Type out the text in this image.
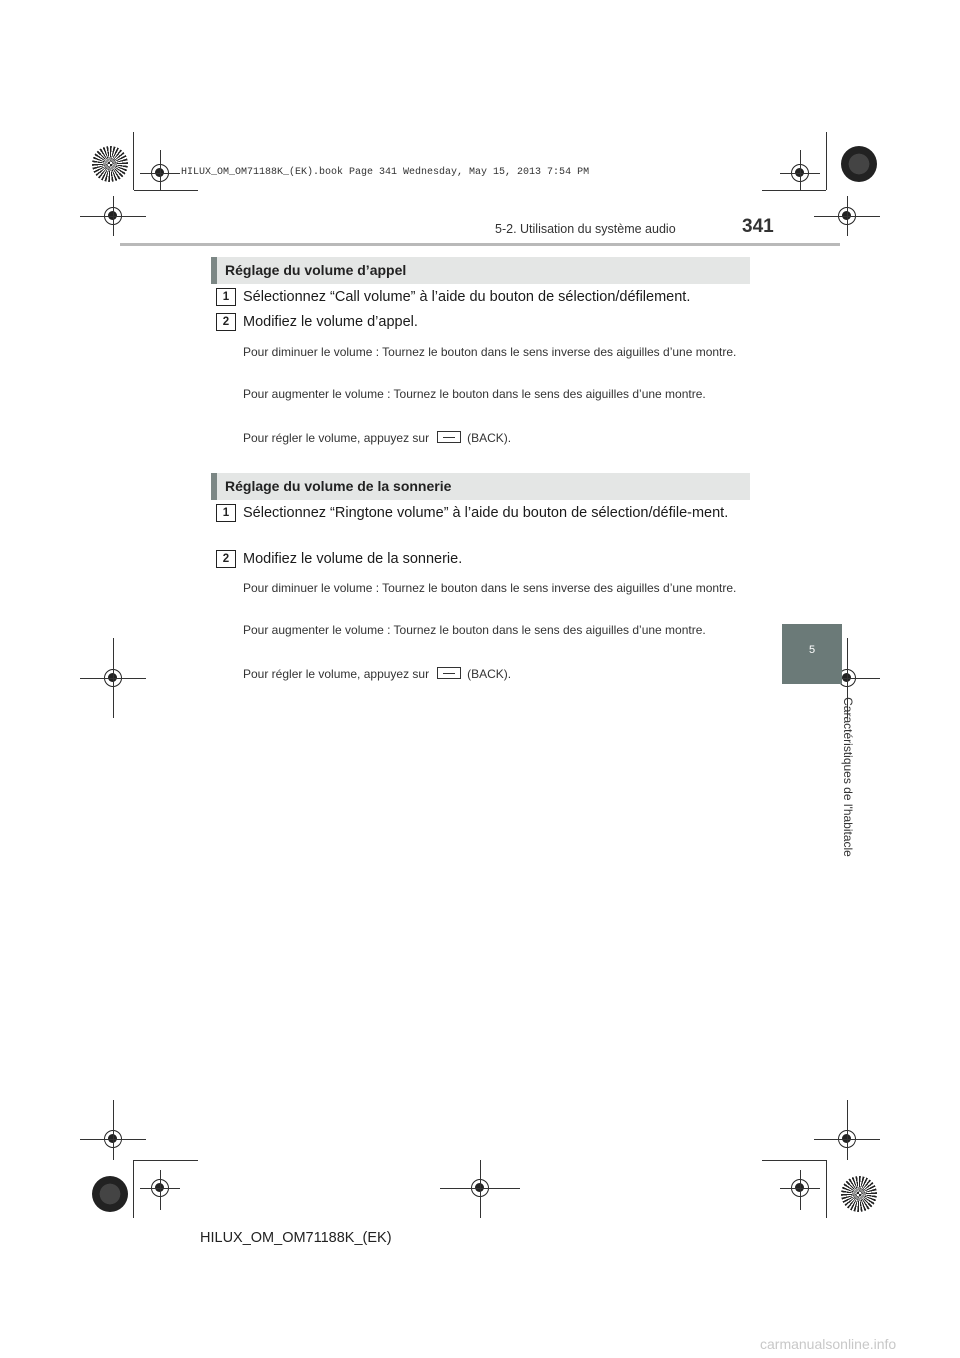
HILUX_OM_OM71188K_(EK).book Page 341 Wednesday, May 15, 2013 7:54 PM
5-2. Utilisation du système audio	341
5
Caractéristiques de l'habitacle
Réglage du volume d’appel
1 Sélectionnez “Call volume” à l’aide du bouton de sélection/défilement.
2 Modifiez le volume d’appel.
Pour diminuer le volume : Tournez le bouton dans le sens inverse des aiguilles d’une montre.
Pour augmenter le volume : Tournez le bouton dans le sens des aiguilles d’une montre.
Pour régler le volume, appuyez sur	(BACK).
Réglage du volume de la sonnerie
1 Sélectionnez “Ringtone volume” à l’aide du bouton de sélection/défile-ment.
2 Modifiez le volume de la sonnerie.
Pour diminuer le volume : Tournez le bouton dans le sens inverse des aiguilles d’une montre.
Pour augmenter le volume : Tournez le bouton dans le sens des aiguilles d’une montre.
Pour régler le volume, appuyez sur	(BACK).
HILUX_OM_OM71188K_(EK)
carmanualsonline.info
